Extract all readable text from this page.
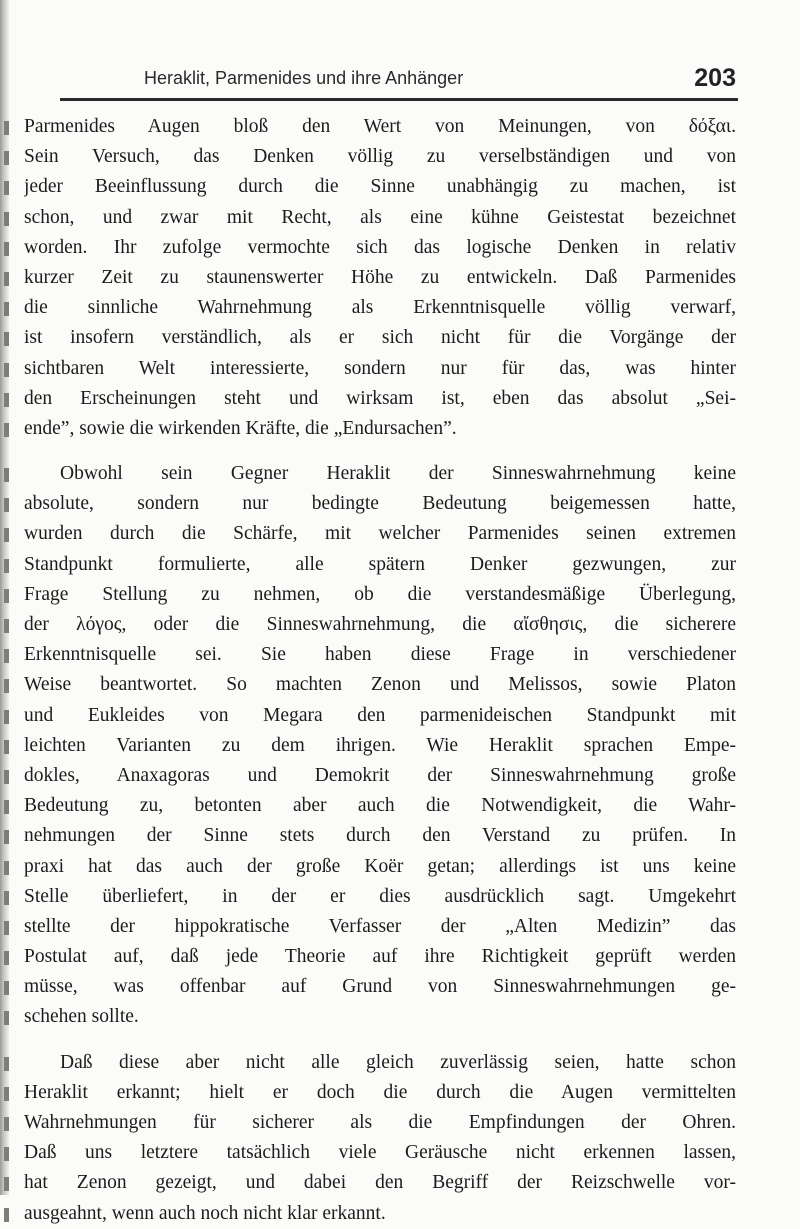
Heraklit, Parmenides und ihre Anhänger	203

Parmenides Augen bloß den Wert von Meinungen, von δόξαι.
Sein Versuch, das Denken völlig zu verselbständigen und von
jeder Beeinflussung durch die Sinne unabhängig zu machen, ist
schon, und zwar mit Recht, als eine kühne Geistestat bezeichnet
worden. Ihr zufolge vermochte sich das logische Denken in relativ
kurzer Zeit zu staunenswerter Höhe zu entwickeln. Daß Parmenides
die sinnliche Wahrnehmung als Erkenntnisquelle völlig verwarf,
ist insofern verständlich, als er sich nicht für die Vorgänge der
sichtbaren Welt interessierte, sondern nur für das, was hinter
den Erscheinungen steht und wirksam ist, eben das absolut „Sei-
ende”, sowie die wirkenden Kräfte, die „Endursachen”.

Obwohl sein Gegner Heraklit der Sinneswahrnehmung keine
absolute, sondern nur bedingte Bedeutung beigemessen hatte,
wurden durch die Schärfe, mit welcher Parmenides seinen extremen
Standpunkt formulierte, alle spätern Denker gezwungen, zur
Frage Stellung zu nehmen, ob die verstandesmäßige Überlegung,
der λόγος, oder die Sinneswahrnehmung, die αἴσθησις, die sicherere
Erkenntnisquelle sei. Sie haben diese Frage in verschiedener
Weise beantwortet. So machten Zenon und Melissos, sowie Platon
und Eukleides von Megara den parmenideischen Standpunkt mit
leichten Varianten zu dem ihrigen. Wie Heraklit sprachen Empe-
dokles, Anaxagoras und Demokrit der Sinneswahrnehmung große
Bedeutung zu, betonten aber auch die Notwendigkeit, die Wahr-
nehmungen der Sinne stets durch den Verstand zu prüfen. In
praxi hat das auch der große Koër getan; allerdings ist uns keine
Stelle überliefert, in der er dies ausdrücklich sagt. Umgekehrt
stellte der hippokratische Verfasser der „Alten Medizin” das
Postulat auf, daß jede Theorie auf ihre Richtigkeit geprüft werden
müsse, was offenbar auf Grund von Sinneswahrnehmungen ge-
schehen sollte.

Daß diese aber nicht alle gleich zuverlässig seien, hatte schon
Heraklit erkannt; hielt er doch die durch die Augen vermittelten
Wahrnehmungen für sicherer als die Empfindungen der Ohren.
Daß uns letztere tatsächlich viele Geräusche nicht erkennen lassen,
hat Zenon gezeigt, und dabei den Begriff der Reizschwelle vor-
ausgeahnt, wenn auch noch nicht klar erkannt.
